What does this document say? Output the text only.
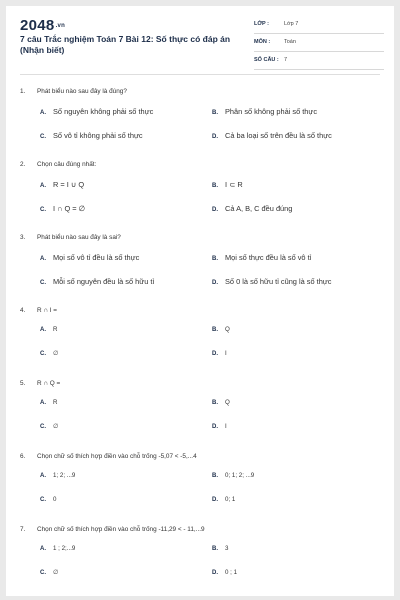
2048.vn
7 câu Trắc nghiệm Toán 7 Bài 12: Số thực có đáp án (Nhận biết)
LỚP :	Lớp 7
MÔN :	Toán
SỐ CÂU : 7
1. Phát biểu nào sau đây là đúng?
A. Số nguyên không phải số thực	B. Phân số không phải số thực
C. Số vô tỉ không phải số thực	D. Cả ba loại số trên đều là số thực
2. Chọn câu đúng nhất:
A. R = I ∪ Q	B. I ⊂ R
C. I ∩ Q = ∅	D. Cả A, B, C đều đúng
3. Phát biểu nào sau đây là sai?
A. Mọi số vô tỉ đều là số thực	B. Mọi số thực đều là số vô tỉ
C. Mỗi số nguyên đều là số hữu tỉ	D. Số 0 là số hữu tỉ cũng là số thực
4. R ∩ I =
A. R	B. Q
C. ∅	D. I
5. R ∩ Q =
A. R	B. Q
C. ∅	D. I
6. Chọn chữ số thích hợp điền vào chỗ trống -5,07 < -5,...4
A. 1; 2; ...9	B. 0; 1; 2; ...9
C. 0	D. 0; 1
7. Chọn chữ số thích hợp điền vào chỗ trống -11,29 < - 11,...9
A. 1 ; 2;...9	B. 3
C. ∅	D. 0 ; 1
